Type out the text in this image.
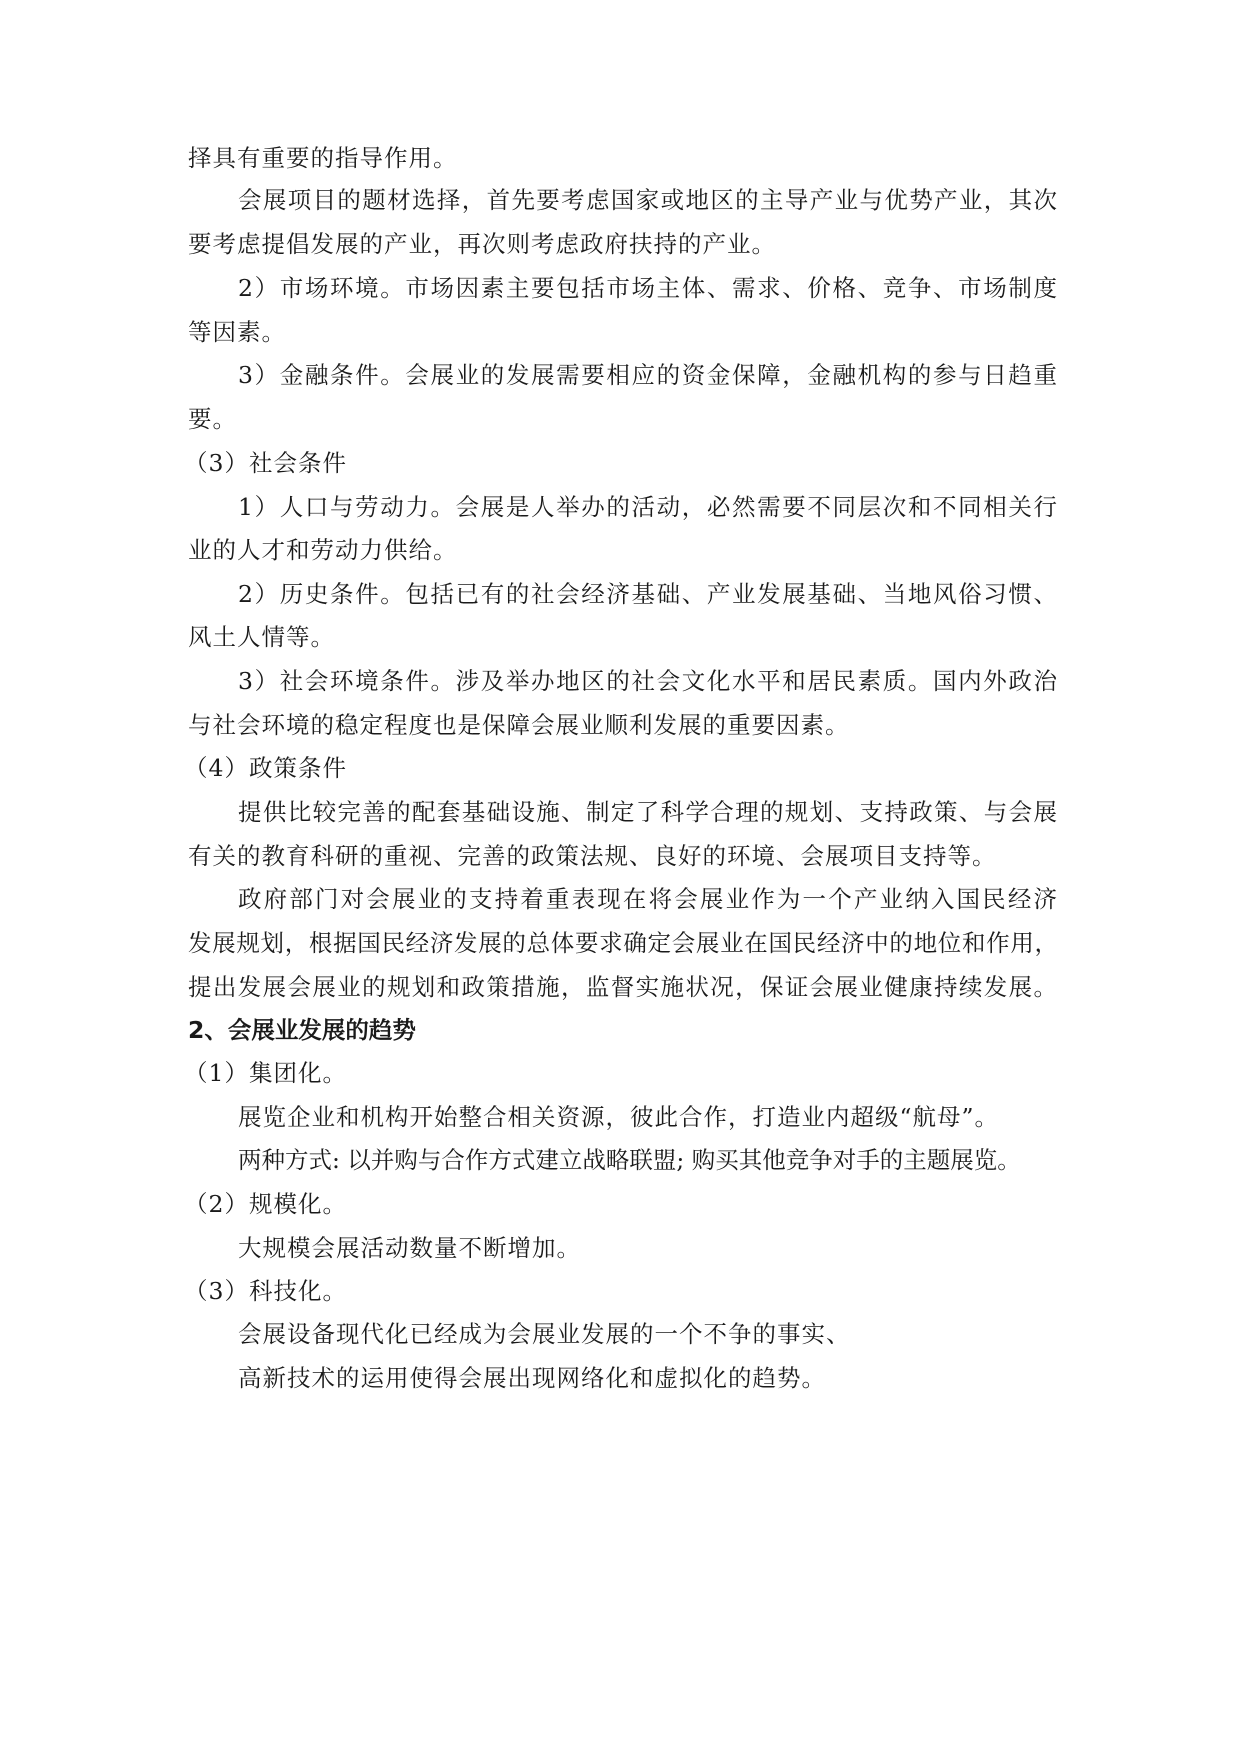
择具有重要的指导作用。
会展项目的题材选择，首先要考虑国家或地区的主导产业与优势产业，其次
要考虑提倡发展的产业，再次则考虑政府扶持的产业。
2）市场环境。市场因素主要包括市场主体、需求、价格、竞争、市场制度
等因素。
3）金融条件。会展业的发展需要相应的资金保障，金融机构的参与日趋重
要。
（3）社会条件
1）人口与劳动力。会展是人举办的活动，必然需要不同层次和不同相关行
业的人才和劳动力供给。
2）历史条件。包括已有的社会经济基础、产业发展基础、当地风俗习惯、
风土人情等。
3）社会环境条件。涉及举办地区的社会文化水平和居民素质。国内外政治
与社会环境的稳定程度也是保障会展业顺利发展的重要因素。
（4）政策条件
提供比较完善的配套基础设施、制定了科学合理的规划、支持政策、与会展
有关的教育科研的重视、完善的政策法规、良好的环境、会展项目支持等。
政府部门对会展业的支持着重表现在将会展业作为一个产业纳入国民经济
发展规划，根据国民经济发展的总体要求确定会展业在国民经济中的地位和作用，
提出发展会展业的规划和政策措施，监督实施状况，保证会展业健康持续发展。
2、会展业发展的趋势
（1）集团化。
展览企业和机构开始整合相关资源，彼此合作，打造业内超级“航母”。
两种方式: 以并购与合作方式建立战略联盟; 购买其他竞争对手的主题展览。
（2）规模化。
大规模会展活动数量不断增加。
（3）科技化。
会展设备现代化已经成为会展业发展的一个不争的事实、
高新技术的运用使得会展出现网络化和虚拟化的趋势。
